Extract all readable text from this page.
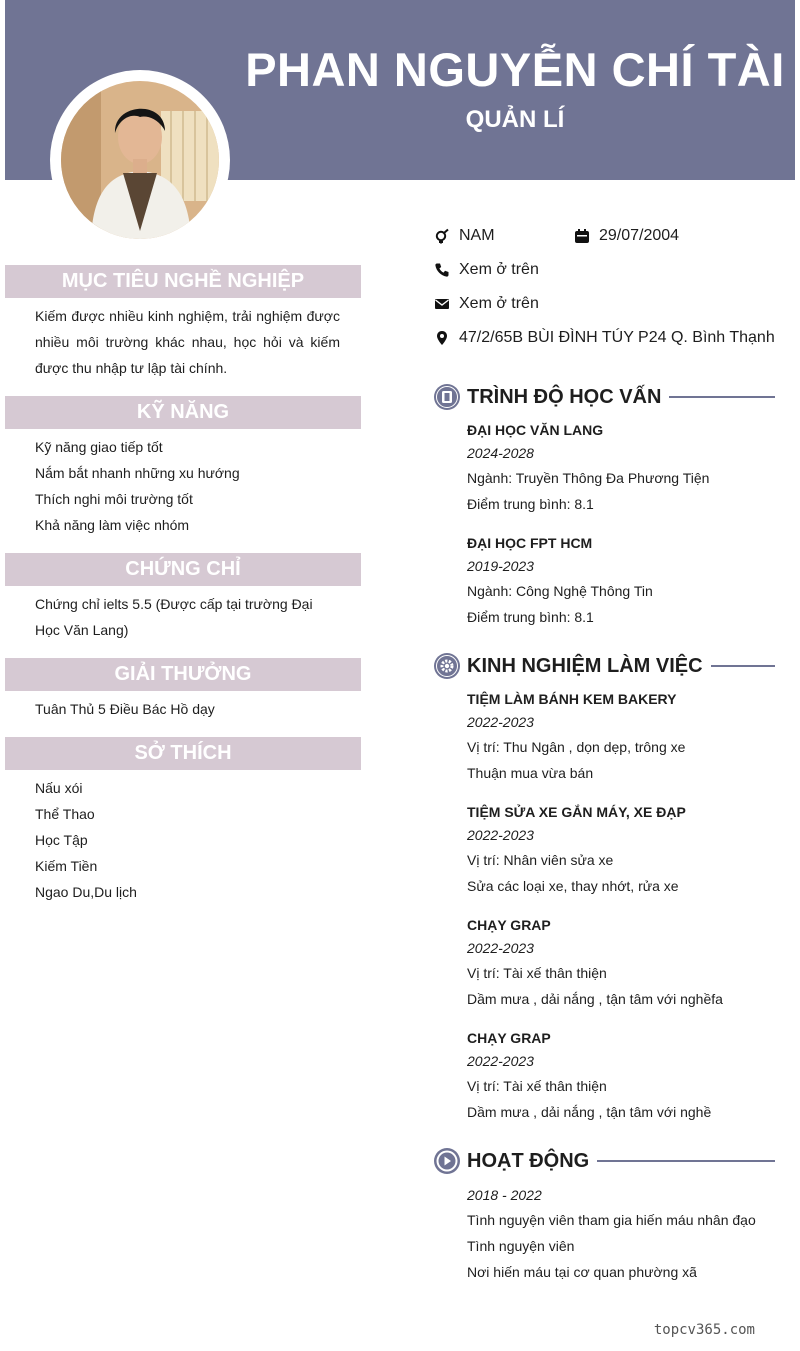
PHAN NGUYỄN CHÍ TÀI
QUẢN LÍ
MỤC TIÊU NGHỀ NGHIỆP
Kiếm được nhiều kinh nghiệm, trải nghiệm được nhiều môi trường khác nhau, học hỏi và kiếm được thu nhập tư lập tài chính.
KỸ NĂNG
Kỹ năng giao tiếp tốt
Nắm bắt nhanh những xu hướng
Thích nghi môi trường tốt
Khả năng làm việc nhóm
CHỨNG CHỈ
Chứng chỉ ielts 5.5 (Được cấp tại trường Đại Học Văn Lang)
GIẢI THƯỞNG
Tuân Thủ 5 Điều Bác Hồ dạy
SỞ THÍCH
Nấu xói
Thể Thao
Học Tập
Kiếm Tiền
Ngao Du,Du lịch
NAM	29/07/2004
Xem ở trên
Xem ở trên
47/2/65B BÙI ĐÌNH TÚY P24 Q. Bình Thạnh
TRÌNH ĐỘ HỌC VẤN
ĐẠI HỌC VĂN LANG
2024-2028
Ngành: Truyền Thông Đa Phương Tiện
Điểm trung bình: 8.1
ĐẠI HỌC FPT HCM
2019-2023
Ngành: Công Nghệ Thông Tin
Điểm trung bình: 8.1
KINH NGHIỆM LÀM VIỆC
TIỆM LÀM BÁNH KEM BAKERY
2022-2023
Vị trí: Thu Ngân , dọn dẹp, trông xe
Thuận mua vừa bán
TIỆM SỬA XE GẮN MÁY, XE ĐẠP
2022-2023
Vị trí: Nhân viên sửa xe
Sửa các loại xe, thay nhớt, rửa xe
CHẠY GRAP
2022-2023
Vị trí: Tài xế thân thiện
Dầm mưa , dải nắng , tận tâm với nghềfa
CHẠY GRAP
2022-2023
Vị trí: Tài xế thân thiện
Dầm mưa , dải nắng , tận tâm với nghề
HOẠT ĐỘNG
2018 - 2022
Tình nguyện viên tham gia hiến máu nhân đạo
Tình nguyện viên
Nơi hiến máu tại cơ quan phường xã
topcv365.com
